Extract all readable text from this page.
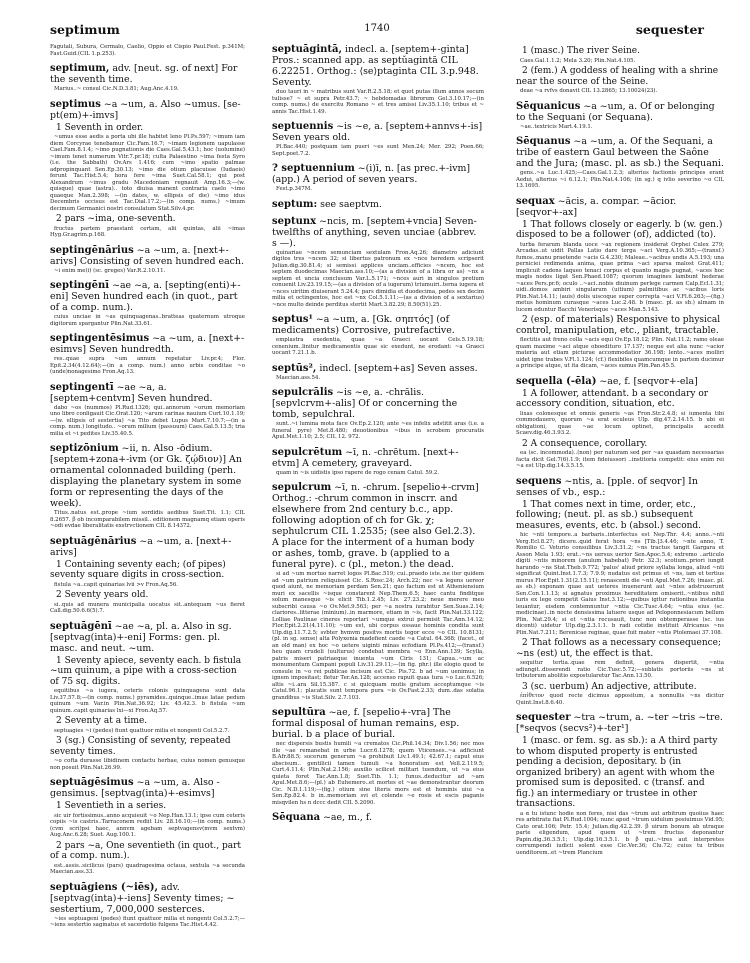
septimum	1740	sequester
Fagutali, Subura, Cermalo, Caelio, Oppio et Cispio Paul.Fest. p.341M; Fast.Guid.(CIL 1.p.253).
septimum, adv. [neut. sg. of next] For the seventh time.
Marius..~ consul Cic.N.D.3.81; Aug.Anc.4.19.
septimus ~a ~um, a. Also ~umus. [se-pt(em)+-imvs]
1 Seventh in order.
~umus esse aedis a porta ubi ille habitet leno Pl.Ps.597; ~imum iam diem Corcyrae tenebamur Cic.Fam.16.7; ~imam legionem uapulasse Cael.Fam.8.1.4; ~imo pugnationis die Caes.Gal.5.43.1; hoc (uolumine) ~imum tenet numerum Vitr.7.pr.18; culta Palaestino ~ima festa Syro (i.e. the Sabbath) Ov.Ars 1.416; cum ~imo spatio palmae adpropinquant Sen.Ep.30.13; ~imo die otium placuisse (Iudaeis) ferunt Tac.Hist.5.4; hora fere ~ima Suet.Cal.58.1; qui post Alexandrum ~imus gradu Macedoniam regnauit Amp.16.3;—(w. quisque) quae (astra).. toto diuisa manent contraria caelo ~imo quaeque Man.2.398; —(in dates, w. ellipsis of die) ~imo idus Decembris occisus est Tac.Dial.17.2;—(in comp. nums.) ~imum decimum Germanici nostri consulatum Stat.Silv.4.pr.
2 pars ~ima, one-seventh.
fructus partem praestant certam, alii quintas, alii ~imas Hyg.Gr.agrim.p.168.
septingēnārius ~a ~um, a. [next+-arivs] Consisting of seven hundred each.
~i enim me(i) (sc. greges) Var.R.2.10.11.
septingēnī ~ae ~a, a. [septing(enti)+-eni] Seven hundred each (in quot., part of a comp. num.).
cuius unciae in ~as quinquagenas..bratteas quaternum utroque digitorum spargantur Plin.Nat.33.61.
septingentēsimus ~a ~um, a. [next+-esimvs] Seven hundredth.
res..quae supra ~um annum repetatur Liv.pr.4; Flor. Epit.2.34(4.12.64);—(in a comp. num.) anno urbis conditae ~o (unde)nonagesimo Fron.Aq.13.
septingentī ~ae ~a, a. [septem+centvm] Seven hundred.
dabo ~os (nummos) Pl.Rud.1326; qui..annorum ~orum memoriam uno libro conligauit Cic.Orat.120; ~arum carinas nauium Curt.10.1.19;—(w. ellipsis of sestertia) ~a Tito debet Lupus Mart.7.10.7;—(in a comp. num.) longitudo.. ~orum milium (passuum) Caes.Gal.5.13.5; tria milia et ~i pedites Liv.35.40.5.
septizōnium ~ii, n. Also -ōdium. [septem+zona+-ivm (or Gk. ζῴδιον)] An ornamental colonnaded building (perh. displaying the planetary system in some form or representing the days of the week).
Titus..natus est..prope ~ium sordidis aedibus Suet.Tit. 1.1; CIL 8.2657. β ob incomparabilem missil.. editionem magnamq etiam operis ~odi evdae liberalitatis exstrvctionem CIL 8.14372.
septuāgēnārius ~a ~um, a. [next+-arivs]
1 Containing seventy each; (of pipes) seventy square digits in cross-section.
fistula ~a..capit quinarias lvii >v Fron.Aq.56.
2 Seventy years old.
si..quis ad munera municipalia uocatus sit..antequam ~us fieret Call.dig.50.6.6(5).7.
septuāgēnī ~ae ~a, pl. a. Also in sg. [septvag(inta)+-eni] Forms: gen. pl. masc. and neut. ~um.
1 Seventy apiece, seventy each. b fistula ~um quinum, a pipe with a cross-section of 75 sq. digits.
equitibus ~a iugera, ceteris colonis quinquagena sunt data Liv.37.57.8;—(in comp. nums.) pyramides..quinque..imae latae pedum quinum ~um Var.in Plin.Nat.36.92; Liv. 45.42.3. b fistula ~um quinum..capit quinarias lxi—xi Fron.Aq.57.
2 Seventy at a time.
septuagies ~i (pedes) fiunt quattuor milia et nongenti Col.5.2.7.
3 (sg.) Consisting of seventy, repeated seventy times.
~o cofta durasse libidinem contactu herbae, cuius nomen genusque non posuit Plin.Nat.26.99.
septuāgēsimus ~a ~um, a. Also -gensimus. [septvag(inta)+-esimvs]
1 Seventieth in a series.
sic uir fortissimus..anno acquieuit ~o Nep.Han.13.1; ipse cum ceteris copiis ~is castris..Tarraconem rediit Liv. 28.16.10;—(in comp. nums.) (cvm scri)psi haec, annvm agebam septvagensv(mvm sextvm) Aug.Anc.6.28; Suet. Aug.100.1.
2 pars ~a, One seventieth (in quot., part of a comp. num.).
est..assis..sicilicus (pars) quadragesima octaua, sextula ~a secunda Maecian.ass.33.
septuāgiens (~iēs), adv. [septvag(inta)+-iens] Seventy times; ~ sestertium, 7,000,000 sesterces.
~ies septuageni (pedes) fiunt quattuor milia et nongenti Col.5.2.7;—~iens sestertio saginatus et sacerdotio fulgens Tac.Hist.4.42.
septuāgintā, indecl. a. [septem+-ginta] Pros.: scanned app. as septŭagintā CIL 6.22251. Orthog.: ⟨se⟩ptaginta CIL 3.p.948. Seventy.
duo tauri in ~ matribus sunt Var.R.2.5.18; et quot putas illum annos secum tulisse? ~ et supra Petr.43.7; ~ hebdomadas librorum Gel.3.10.17;—(in comp. nums.) de exercitu Romano ~ et tres amissi Liv.35.1.10; tribus et ~ annis Tac.Hist.1.49.
septuennis ~is ~e, a. [septem+annvs+-is] Seven years old.
Pl.Bac.440; postquam iam pueri ~es sunt Men.24; Mer. 292; Poen.66; Sept.poet.7.2.
? septuennium ~(i)ī, n. [as prec.+-ivm] (app.) A period of seven years.
Fest.p.347M.
septum: see saeptvm.
septunx ~ncis, m. [septem+vncia] Seven-twelfths of anything, seven unciae (abbrev. s —).
quinariae ~ncem semunciam sextulam Fron.Aq.26; diametro adiciunt digitos tres ~ncem 32; si libertus patronum ex ~nce heredem scripserit Julian.dig.30.81.4; si semissi applices unciam..efficies ~ncem, hoc est septem duodecimas Maecian.ass.10;—(as a division of a libra or as) ~nx a septem et uncia conclusum Var.L.5.171; ~nces auri in singulos pretium conuenit Liv.23.19.15;—(as a division of a iugerum) triumuiri..terna iugera et ~nces uiritim diuiserant 5.24.4; pars dimidia et duodecima, pedes sex decim milia et octingentos, hoc est ~nx Col.5.1.11;—(as a division of a sextarius) ~nce multo deinde perditus stertit Mart.3.82.29; 8.50(51).25.
septus¹ ~a ~um, a. [Gk. σηπτός] (of medicaments) Corrosive, putrefactive.
emplastra exedentia, quae ~a Graeci uocant Cels.5.19.18; cenenium..linitur medicamentis quae sic exedunt, ne erodant: ~a Graeci uocant 7.21.1.b.
septūs², indecl. [septem+as] Seven asses.
Maecian.ass.54.
sepulcrālis ~is ~e, a. -chrālis. [sepvlcrvm+-alis] Of or concerning the tomb, sepulchral.
sunt..~i lumina mota face Ov.Ep.2.120; ante ~es infelix adstitit aras (i.e. a funeral pyre) Met.8.480; deuotionibus ~ibus in scrobem procuratis Apul.Met.1.10; 2.5; CIL 12. 972.
sepulcrētum ~ī, n. -chrētum. [next+-etvm] A cemetery, graveyard.
quam in ~is uidistis ipso rapere de rogo cenam Catul. 59.2.
sepulcrum ~ī, n. -chrum. [sepelio+-crvm] Orthog.: -chrum common in inscrr. and elsewhere from 2nd century b.c., app. following adoption of ch for Gk. χ; sephulcrum CIL 1.2535; (see also Gel.2.3). A place for the interment of a human body or ashes, tomb, grave. b (applied to a funeral pyre). c (pl., meton.) the dead.
si ad ~um mortuo narret logos Pl.Bac.519; cui..praedo iste..ne iter quidem ad ~um patrium reliquisset Cic. S.Rosc.24; Arch.22; nec ~a legens uereor quod aiunt, ne memoriam perdam Sen.21; quo factum est ut Atheniensium muri ex sacellis ~isque constarent Nep.Them.6.5; haec cantu finditque solum manesque ~is elicit Tib.1.2.45; Liv. 27.23.2; neue merere meo subscribi causa ~o Ov.Met.9.563; per ~a nostra iurabitur Sen.Suas.2.14; clariores..litterae (minium)..in marmore, etiam in ~is, facit Plin.Nat.33.122; Lolliae Paulinae cineres reportari ~umque extrui permisit Tac.Ann.14.12; Flor.Epit.2.21(4.11.10); ~um est, ubi corpus ossaue hominis condita sunt Ulp.dig.11.7.2.5; svbter hvmvm positvs mortis tegor ecce ~o CIL 10.8131; (pl. in sg. sense) alta Polyxenia madefient caede ~a Catul. 64.368; (facet., of an old man) ex hoc ~o uetere uiginti minas ecfodiam Pl.Ps.412;—(transf.) heu quam crudeli (uulturus) condebat membra ~o Enn.Ann.139; Scylla, patris miseri patriaeque inuenta ~um Ciris 131; Capua..~um ac monumentum Campani populi Liv.31.29.11;—(in fig. phr.) ille elogio quod te consule in ~o rei publicae incisum est Cic. Pis.72. b ad ~um uenimus; in ignem impositast; fletur Ter.An.128; accenso rapuit quas tura ~o Luc.6.526; altis ~i..ara Sil.15.387. c si quicquam mutis gratum acceptumque ~is Catul.96.1; placatis sunt tempora pura ~is Ov.Fast.2.33; dum..das solatia grandibus ~is Stat.Silv. 2.7.103.
sepultūra ~ae, f. [sepelio+-vra] The formal disposal of human remains, esp. burial. b a place of burial.
nec dispersis bustis humili ~a crematos Cic.Phil.14.34; Div.1.56; nec mos ille ~ae remanebat in urbe Lucr.6.1278; quem Vticenses..~a adficiunt B.Afr.88.5; socerum generum ~a prohibuit Liv.1.49.1; 42.67.1; caput eius abscisum.. gentilicii tamen tumuli ~a honoratum est Vell.2.119.5; Curt.4.11.4; Plin.Nat.2.156; auxilio scilicet militari tuendum, ut ~a eius quieta foret Tac.Ann.1.8; Suet.Tib. 1.1; funus..deducitur ad ~am Apul.Met.8.6;—(pl.) ab Euhemero..et mortes et ~ae demonstrantur deorum Cic. N.D.1.119;—(fig.) otium sine literis mors est et hominis uiui ~a Sen.Ep.82.4. b in..memoriam svi et colende ~e rosis et escis paganis misqvilen hs n dccc dedit CIL 5.2090.
Sēquana ~ae, m., f.
1 (masc.) The river Seine.
Caes.Gal.1.1.2; Mela 3.20; Plin.Nat.4.105.
2 (fem.) A goddess of healing with a shrine near the source of the Seine.
deae ~a rvfvs donavit CIL 13.2865; 13.10024(23).
Sēquanicus ~a ~um, a. Of or belonging to the Sequani (or Sequana).
~ae..textricis Mart.4.19.1.
Sēquanus ~a ~um, a. Of the Sequani, a tribe of eastern Gaul between the Saône and the Jura; (masc. pl. as sb.) the Sequani.
gens..~a Luc.1.425;—Caes.Gal.1.2.3; alterius factionis principes erant Aedui, alterius ~i 6.12.1; Plin.Nat.4.106; (in sg.) q ivlio severino ~o CIL 13.1695.
sequax ~ācis, a. compar. ~ācior. [seqvor+-ax]
1 That follows closely or eagerly. b (w. gen.) disposed to be a follower (of), addicted (to).
turba ferarum blanda uoce ~ax regionem insiderat Orphei Culex 279; Arcadas..ut uidit Pallas Latio dare terga ~aci Verg.A.10.365;—(transf.) fumos..manu praetende ~acis G.4.230; Maleae..~acibus undis A.5.193; una perniciei redimenda anima, quae prima ~aci sparsa malost Grat.411; implicuit cadens laqueo tenaci corpus et quanto magis pugnat, ~aces hoc magis nodos ligat Sen.Phaed.1087; quorum imagines lambunt hederae ~aces Pers.pr.6; oculo ..~aci..nobis diuinum perlege carmen Calp.Ecl.1.31; uidi..domos ambiri singularum (uitium) palmitibus ac ~acibus loris Plin.Nat.14.11; (auis) dolis uiscoque super correpta ~aci V.Fl.6.263;—(fig.) metus hominum curasque ~aces Luc.2.48. b (masc. pl. as sb.) almam in lucem eduntur Bacchi Venerisque ~aces Man.5.143.
2 (esp. of materials) Responsive to physical control, manipulation, etc., pliant, tractable.
flectitis aut freno colla ~acis equi Ov.Ep.18.12; Plin. Nat.11.2; ramo oleae quam maxime ~aci atque oboedituro 17.137; neque est alia nunc ~acior materia aut etiam picturae accommodatior 36.198; lento..~aces molliri uidet igne trabes V.Fl.1.124; (cf.) flexibiles quamcumque in partem ducimur a principe atque, ut ita dicam, ~aces sumus Plin.Pan.45.5.
sequella (-ēla) ~ae, f. [seqvor+-ela]
1 A follower, attendant. b a secondary or accessory condition, situation, etc.
lixas colonesque et omnis generis ~as Fron.Str.2.4.8; si iumenta tibi commodauero, quorum ~a erat eculeus Ulp. dig.47.2.14.15. b ubi ei obligationi, quae ~ae locum optinet, principalis accedit Scaev.dig.46.3.93.2.
2 A consequence, corollary.
ea (sc. incommoda)..(non) per naturam sed per ~as quasdam necessarias facta dicit Gel.7(6).1.9; item fideiussori ..institoria competit: eius enim rei ~a est Ulp.dig.14.3.5.15.
sequens ~ntis, a. [pple. of seqvor] In senses of vb., esp.:
1 That comes next in time, order, etc., following; (neut. pl. as sb.) subsequent measures, events, etc. b (absol.) second.
hic ~nti tempore..a barbaris..interfectus est Nep.Thr. 4.4; anno..~nti Verg.Ecl.8.27; dicere..quid ferat hora ~ns [Tib.]3.4.46; ~nte anno, T. Romilio C. Veturio consulibus Liv.3.31.2; ~ns tractus tangit Gargara et Asson Mela 1.93; erat..~ns uersus uerior Sen.Apoc.5.4; extremo ..articulo digiti ~ntis minorem (anulum habebat) Petr. 32.3; scotium..priori iungit harundo ~ns Stat.Theb.9.772; 'palus' aliud priore syllaba longa, aliud ~nti significat Quint.Inst.1.7.3; 7.9.9; nudatus est primus et ~ns, iam et tertius murus Flor.Epit.1.31(2.15.11); renascenti die ~nti Apul.Met.7.26; (masc. pl. as sb.) exponam quae aut ueteres inuenerunt aut ~ntes adstruxerunt Sen.Con.1.1.13; si agnatus proximus hereditatem omiserit..~ntibus nihil iuris ex lege competit Gaius Inst.3.12;—quibus igitur rationibus instantia leuantur, eisdem contemnuntur ~ntia Cic.Tusc.4.64; ~ntia eius (sc. medicinae)..in nocte densissima latuere usque ad Peloponnesiacum bellum Plin. Nat.29.4; si et ~ntia recusauit, tunc non obtemperasse (sc. ius dicenti) uidetur Ulp.dig.2.3.1.1. b radi cotidie instituit Africanus ~ns Plin.Nat.7.211; Berenicae reginae, quae fuit mater ~ntis Ptolemaei 37.108.
2 That follows as a necessary consequence; ~ns (est) ut, the effect is that.
sequitur tertia..quae rem definit, genera dispertit, ~ntia adiungit..disserendi ratio Cic.Tusc.5.72;—sublatis portoriis ~ns ut tributorum abolitio expostularetur Tac.Ann.13.50.
3 (sc. uerbum) An adjective, attribute.
ἐπίθετον quod recte dicimus appositum, a nonnullis ~ns dicitur Quint.Inst.8.6.40.
sequester ~tra ~trum, a. ~ter ~tris ~tre. [*seqvos (secvs²)+-ter¹]
1 (masc. or fem. sg. as sb.): a A third party to whom disputed property is entrusted pending a decision, depositary. b (in organized bribery) an agent with whom the promised sum is deposited. c (transf. and fig.) an intermediary or trustee in other transactions.
a α tu istunc hodie non feres, nisi das ~trum aut arbitrum quoiius haec res arbitratu fiat Pl.Rud.1004; nunc apud ~trum uidulum posiuimus Vid.95; Cato orat.106; Petr. 15.4; Julian.dig.42.2.39. β uirum bonum ab utraque parte eligendum, apud quem ut ~trem fructus deponantur Papin.dig.36.3.5.1; Ulp.dig.16.3.5.1. b β qui..~tres aut interpretes corrumpendi iudicii solent esse Cic.Ver.36; Clu.72; cuius tu tribus uenditorem..et ~trem Plancium
